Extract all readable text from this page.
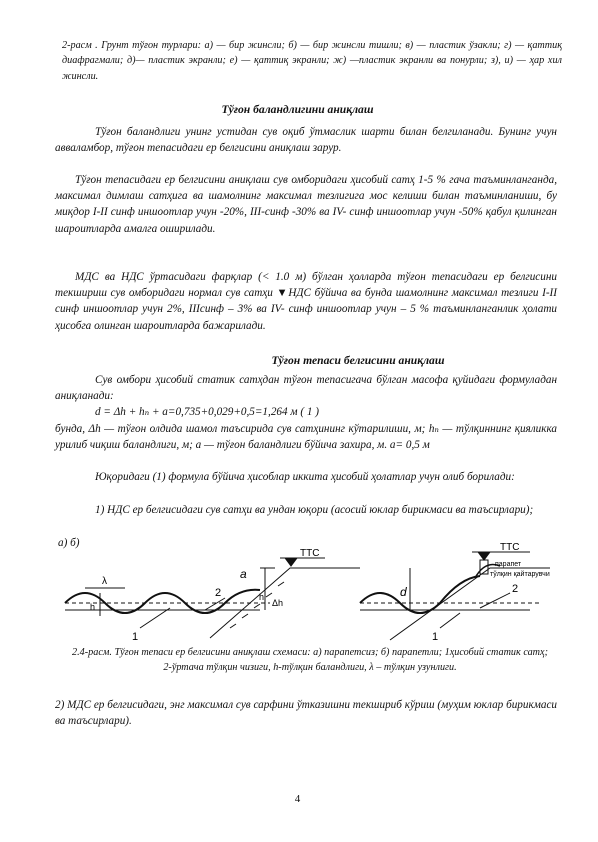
2-расм . Грунт тўғон турлари: а) — бир жинсли; б) — бир жинсли тишли; в) — пластик ўзакли; г) — қаттиқ диафрагмали; д)— пластик экранли; е) — қаттиқ экранли; ж) —пластик экранли ва понурли; з), и) — ҳар хил жинсли.
Тўғон баландлигини аниқлаш
Тўғон баландлиги унинг устидан сув оқиб ўтмаслик шарти билан белгиланади. Бунинг учун авваламбор, тўғон тепасидаги ер белгисини аниқлаш зарур.
Тўғон тепасидаги ер белгисини аниқлаш сув омборидаги ҳисобий сатҳ 1-5 % гача таъминланганда, максимал димлаш сатҳига ва шамолнинг максимал тезлигига мос келиши билан таъминланиши, бу миқдор I-II синф иншоотлар учун -20%, III-синф -30% ва IV- синф иншоотлар учун -50% қабул қилинган шароитларда амалга оширилади.
МДС ва НДС ўртасидаги фарқлар (< 1.0 м) бўлган ҳолларда тўғон тепасидаги ер белгисини текшириш сув омборидаги нормал сув сатҳи ▼НДС бўйича ва бунда шамолнинг максимал тезлиги I-II синф иншоотлар учун 2%, IIIсинф – 3% ва IV- синф иншоотлар учун – 5 % таъминланганлик ҳолати ҳисобга олинган шароитларда бажарилади.
Тўғон тепаси белгисини аниқлаш
Сув омбори ҳисобий статик сатҳдан тўғон тепасигача бўлган масофа қуйидаги формуладан аниқланади:
d = Δh + hₙ + a=0,735+0,029+0,5=1,264 м ( 1 )
бунда, Δh — тўғон олдида шамол таъсирида сув сатҳининг кўтарилиши, м; hₙ — тўлқиннинг қияликка урилиб чиқиш баландлиги, м; а — тўғон баландлиги бўйича захира, м. а= 0,5 м
Юқоридаги (1) формула бўйича ҳисоблар иккита ҳисобий ҳолатлар учун олиб борилади:
1) НДС ер белгисидаги сув сатҳи ва ундан юқори (асосий юклар бирикмаси ва таъсирлари);
а) б)
λ
h
1
2
а
ТТС
Δh
h	d
ТТС
парапет
тўлқин қайтарувчи
1
2
2.4-расм. Тўғон тепаси ер белгисини аниқлаш схемаси: а) парапетсиз; б) парапетли; 1ҳисобий статик сатҳ; 2-ўртача тўлқин чизиги, h-тўлқин баландлиги, λ – тўлқин узунлиги.
2) МДС ер белгисидаги, энг максимал сув сарфини ўтказишни текшириб кўриш (муҳим юклар бирикмаси ва таъсирлари).
4
